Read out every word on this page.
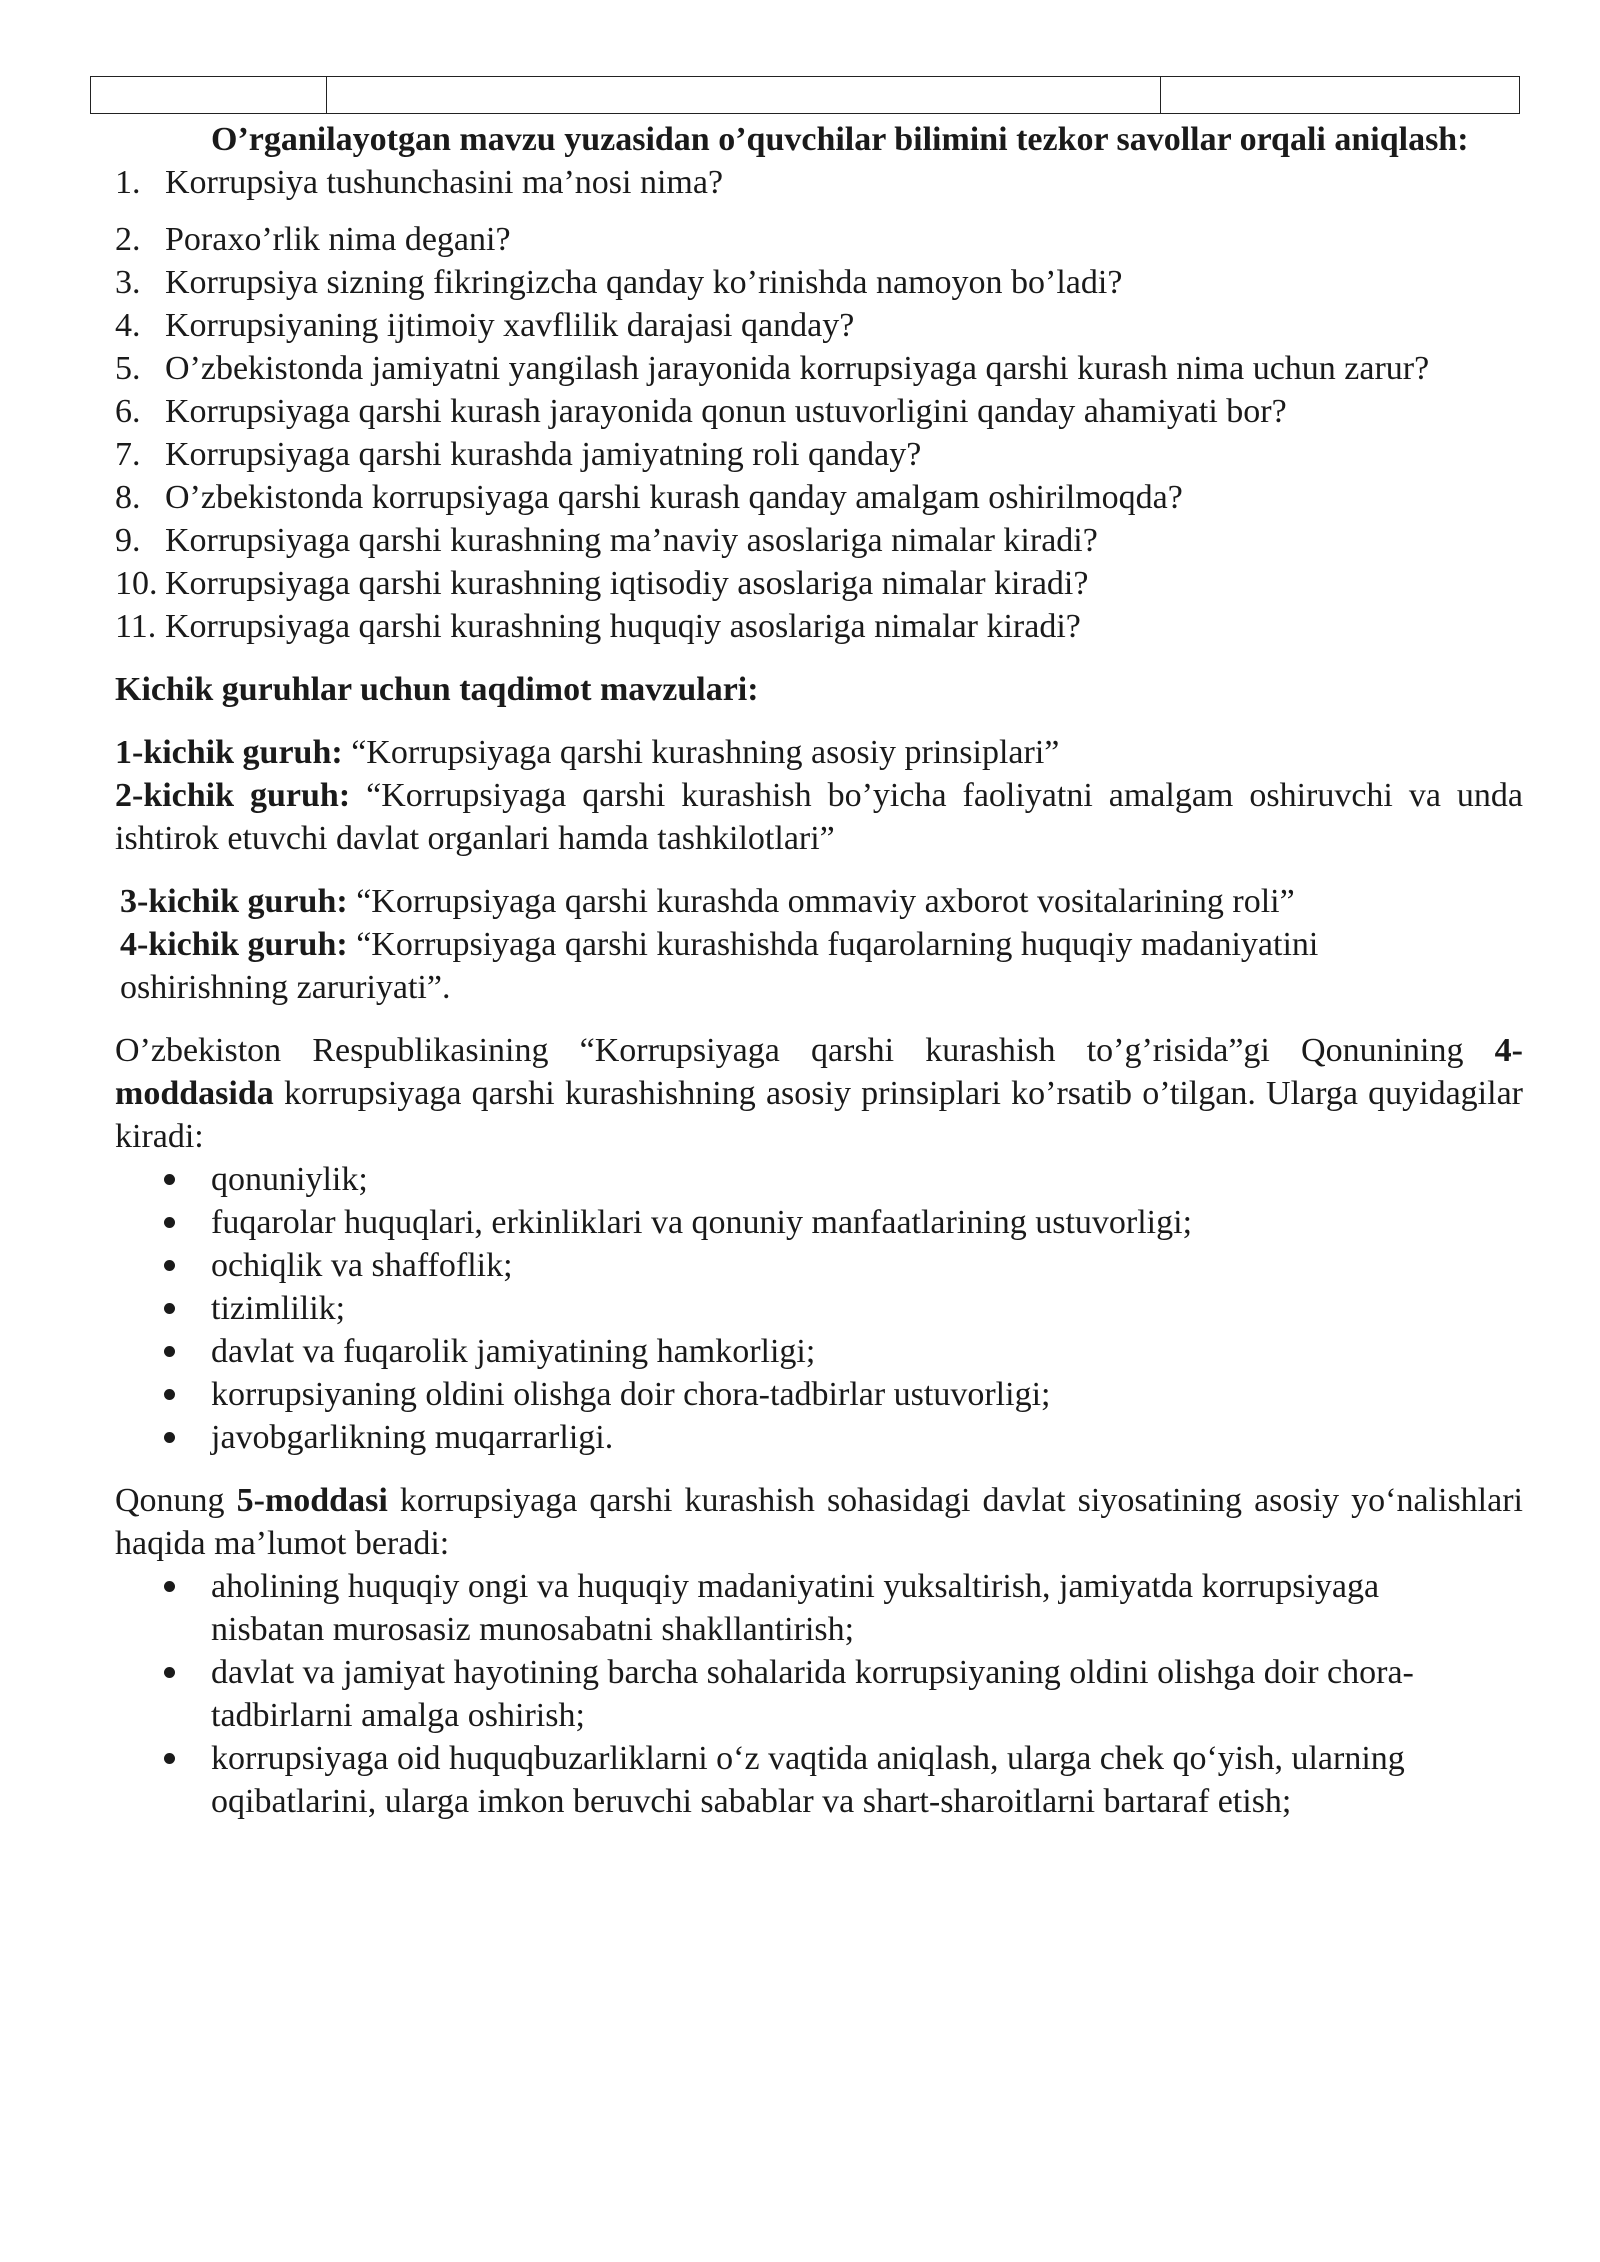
O’rganilayotgan mavzu yuzasidan o’quvchilar bilimini tezkor savollar orqali aniqlash:

1. Korrupsiya tushunchasini ma’nosi nima?
2. Poraxo’rlik nima degani?
3. Korrupsiya sizning fikringizcha qanday ko’rinishda namoyon bo’ladi?
4. Korrupsiyaning ijtimoiy xavflilik darajasi qanday?
5. O’zbekistonda jamiyatni yangilash jarayonida korrupsiyaga qarshi kurash nima uchun zarur?
6. Korrupsiyaga qarshi kurash jarayonida qonun ustuvorligini qanday ahamiyati bor?
7. Korrupsiyaga qarshi kurashda jamiyatning roli qanday?
8. O’zbekistonda korrupsiyaga qarshi kurash qanday amalgam oshirilmoqda?
9. Korrupsiyaga qarshi kurashning ma’naviy asoslariga nimalar kiradi?
10. Korrupsiyaga qarshi kurashning iqtisodiy asoslariga nimalar kiradi?
11. Korrupsiyaga qarshi kurashning huquqiy asoslariga nimalar kiradi?

Kichik guruhlar uchun taqdimot mavzulari:

1-kichik guruh: “Korrupsiyaga qarshi kurashning asosiy prinsiplari”

2-kichik guruh: “Korrupsiyaga qarshi kurashish bo’yicha faoliyatni amalgam oshiruvchi va unda ishtirok etuvchi davlat organlari hamda tashkilotlari”

3-kichik guruh: “Korrupsiyaga qarshi kurashda ommaviy axborot vositalarining roli”

4-kichik guruh: “Korrupsiyaga qarshi kurashishda fuqarolarning huquqiy madaniyatini oshirishning zaruriyati”.

O’zbekiston Respublikasining “Korrupsiyaga qarshi kurashish to’g’risida”gi Qonunining 4-moddasida korrupsiyaga qarshi kurashishning asosiy prinsiplari ko’rsatib o’tilgan. Ularga quyidagilar kiradi:

qonuniylik;
fuqarolar huquqlari, erkinliklari va qonuniy manfaatlarining ustuvorligi;
ochiqlik va shaffoflik;
tizimlilik;
davlat va fuqarolik jamiyatining hamkorligi;
korrupsiyaning oldini olishga doir chora-tadbirlar ustuvorligi;
javobgarlikning muqarrarligi.

Qonung 5-moddasi korrupsiyaga qarshi kurashish sohasidagi davlat siyosatining asosiy yo‘nalishlari haqida ma’lumot beradi:

aholining huquqiy ongi va huquqiy madaniyatini yuksaltirish, jamiyatda korrupsiyaga nisbatan murosasiz munosabatni shakllantirish;
davlat va jamiyat hayotining barcha sohalarida korrupsiyaning oldini olishga doir chora-tadbirlarni amalga oshirish;
korrupsiyaga oid huquqbuzarliklarni o‘z vaqtida aniqlash, ularga chek qo‘yish, ularning oqibatlarini, ularga imkon beruvchi sabablar va shart-sharoitlarni bartaraf etish;
